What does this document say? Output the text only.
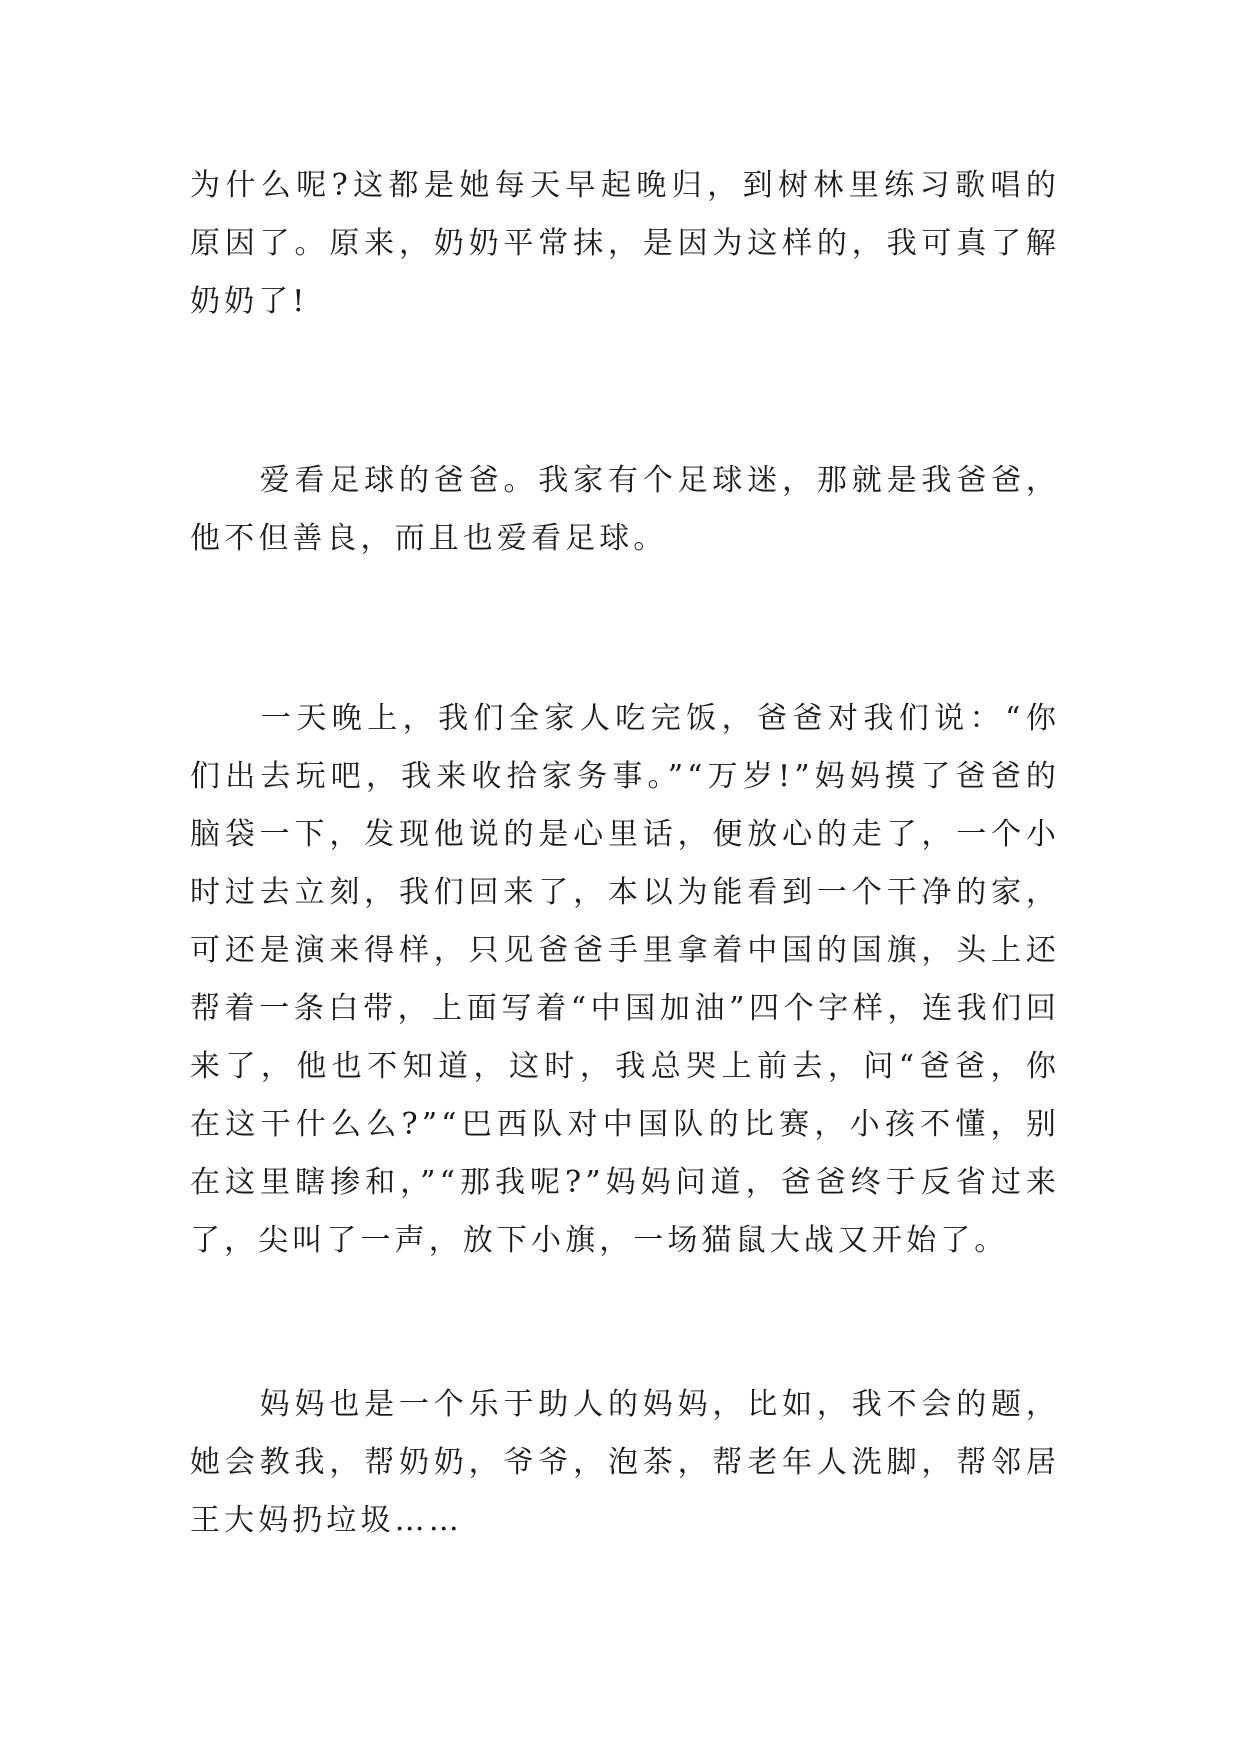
为什么呢?这都是她每天早起晚归，到树林里练习歌唱的原因了。原来，奶奶平常抹，是因为这样的，我可真了解奶奶了!

　　爱看足球的爸爸。我家有个足球迷，那就是我爸爸，他不但善良，而且也爱看足球。

　　一天晚上，我们全家人吃完饭，爸爸对我们说：“你们出去玩吧，我来收拾家务事。”“万岁!”妈妈摸了爸爸的脑袋一下，发现他说的是心里话，便放心的走了，一个小时过去立刻，我们回来了，本以为能看到一个干净的家，可还是演来得样，只见爸爸手里拿着中国的国旗，头上还帮着一条白带，上面写着“中国加油”四个字样，连我们回来了，他也不知道，这时，我总哭上前去，问“爸爸，你在这干什么么?”“巴西队对中国队的比赛，小孩不懂，别在这里瞎掺和，”“那我呢?”妈妈问道，爸爸终于反省过来了，尖叫了一声，放下小旗，一场猫鼠大战又开始了。

　　妈妈也是一个乐于助人的妈妈，比如，我不会的题，她会教我，帮奶奶，爷爷，泡茶，帮老年人洗脚，帮邻居王大妈扔垃圾……
